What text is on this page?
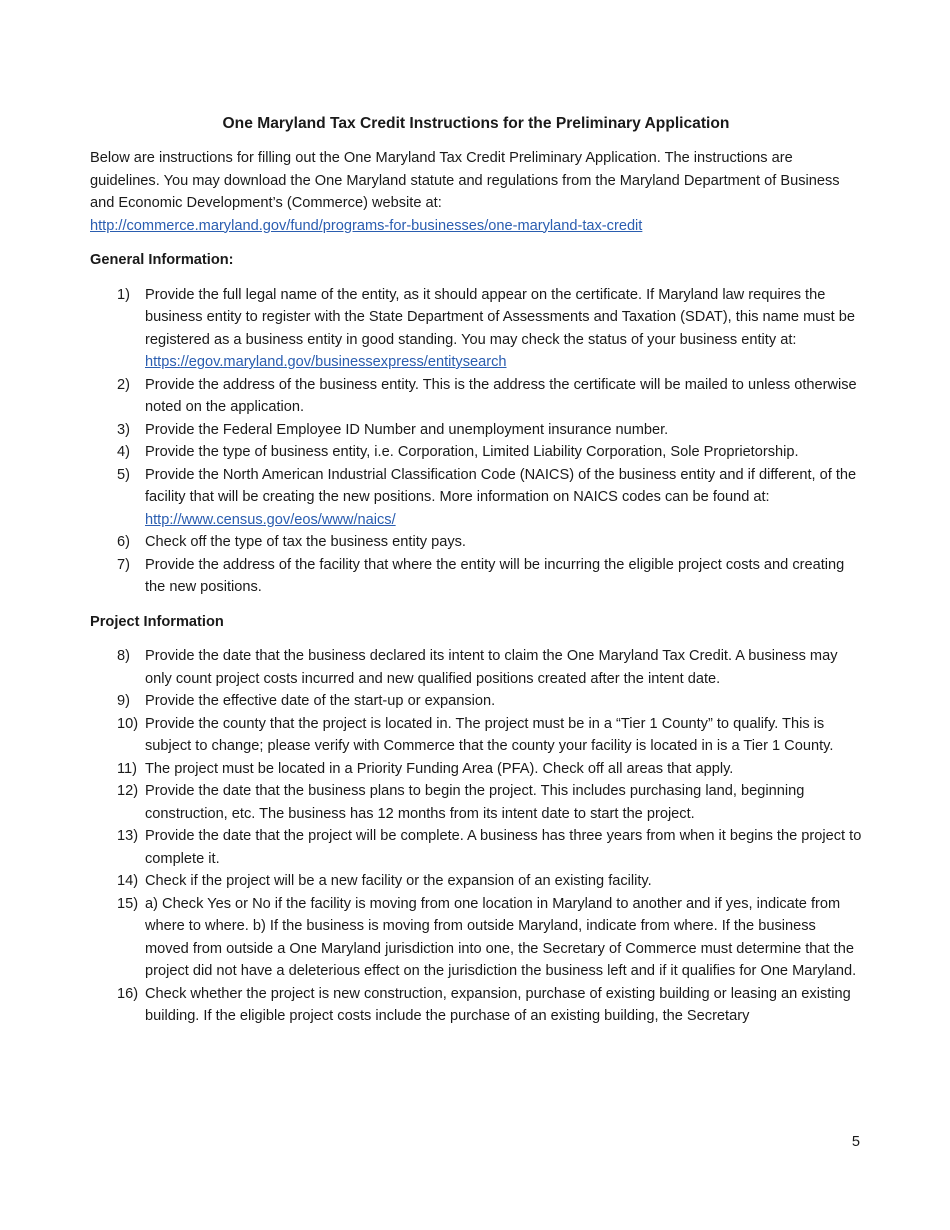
One Maryland Tax Credit Instructions for the Preliminary Application
Below are instructions for filling out the One Maryland Tax Credit Preliminary Application. The instructions are guidelines. You may download the One Maryland statute and regulations from the Maryland Department of Business and Economic Development’s (Commerce) website at:
http://commerce.maryland.gov/fund/programs-for-businesses/one-maryland-tax-credit
General Information:
1) Provide the full legal name of the entity, as it should appear on the certificate. If Maryland law requires the business entity to register with the State Department of Assessments and Taxation (SDAT), this name must be registered as a business entity in good standing. You may check the status of your business entity at: https://egov.maryland.gov/businessexpress/entitysearch
2) Provide the address of the business entity. This is the address the certificate will be mailed to unless otherwise noted on the application.
3) Provide the Federal Employee ID Number and unemployment insurance number.
4) Provide the type of business entity, i.e. Corporation, Limited Liability Corporation, Sole Proprietorship.
5) Provide the North American Industrial Classification Code (NAICS) of the business entity and if different, of the facility that will be creating the new positions. More information on NAICS codes can be found at: http://www.census.gov/eos/www/naics/
6) Check off the type of tax the business entity pays.
7) Provide the address of the facility that where the entity will be incurring the eligible project costs and creating the new positions.
Project Information
8) Provide the date that the business declared its intent to claim the One Maryland Tax Credit. A business may only count project costs incurred and new qualified positions created after the intent date.
9) Provide the effective date of the start-up or expansion.
10) Provide the county that the project is located in. The project must be in a “Tier 1 County” to qualify. This is subject to change; please verify with Commerce that the county your facility is located in is a Tier 1 County.
11) The project must be located in a Priority Funding Area (PFA). Check off all areas that apply.
12) Provide the date that the business plans to begin the project. This includes purchasing land, beginning construction, etc. The business has 12 months from its intent date to start the project.
13) Provide the date that the project will be complete. A business has three years from when it begins the project to complete it.
14) Check if the project will be a new facility or the expansion of an existing facility.
15) a) Check Yes or No if the facility is moving from one location in Maryland to another and if yes, indicate from where to where. b) If the business is moving from outside Maryland, indicate from where. If the business moved from outside a One Maryland jurisdiction into one, the Secretary of Commerce must determine that the project did not have a deleterious effect on the jurisdiction the business left and if it qualifies for One Maryland.
16) Check whether the project is new construction, expansion, purchase of existing building or leasing an existing building. If the eligible project costs include the purchase of an existing building, the Secretary
5
